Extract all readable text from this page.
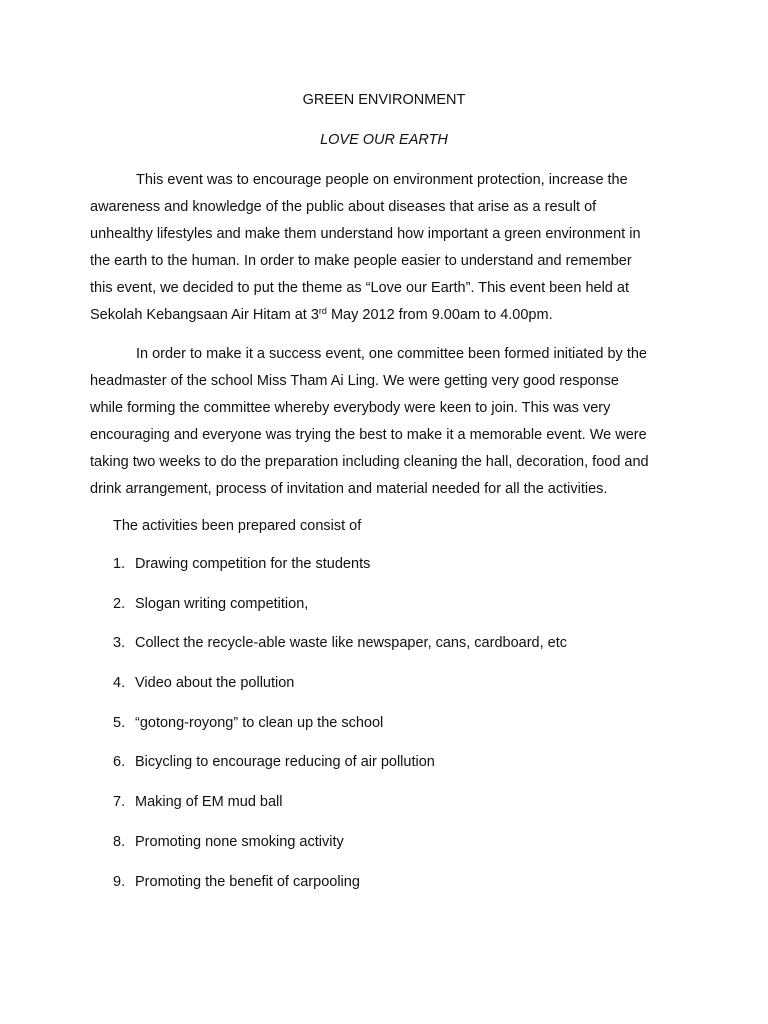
GREEN ENVIRONMENT
LOVE OUR EARTH

This event was to encourage people on environment protection, increase the
awareness and knowledge of the public about diseases that arise as a result of
unhealthy lifestyles and make them understand how important a green environment in
the earth to the human. In order to make people easier to understand and remember
this event, we decided to put the theme as “Love our Earth”. This event been held at
Sekolah Kebangsaan Air Hitam at 3rd May 2012 from 9.00am to 4.00pm.

In order to make it a success event, one committee been formed initiated by the
headmaster of the school Miss Tham Ai Ling. We were getting very good response
while forming the committee whereby everybody were keen to join. This was very
encouraging and everyone was trying the best to make it a memorable event. We were
taking two weeks to do the preparation including cleaning the hall, decoration, food and
drink arrangement, process of invitation and material needed for all the activities.

The activities been prepared consist of
1. Drawing competition for the students
2. Slogan writing competition,
3. Collect the recycle-able waste like newspaper, cans, cardboard, etc
4. Video about the pollution
5. “gotong-royong” to clean up the school
6. Bicycling to encourage reducing of air pollution
7. Making of EM mud ball
8. Promoting none smoking activity
9. Promoting the benefit of carpooling
